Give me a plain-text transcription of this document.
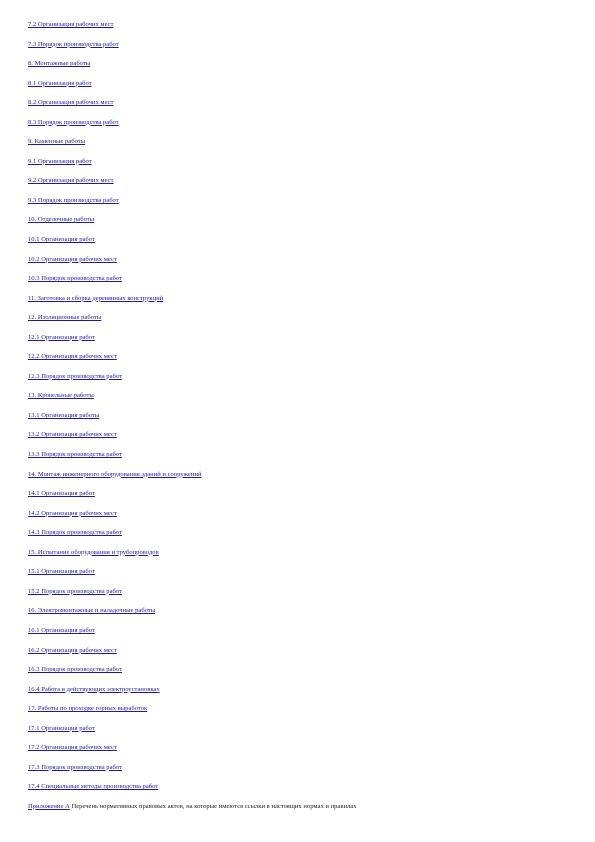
7.2 Организация рабочих мест
7.3 Порядок производства работ
8. Монтажные работы
8.1 Организация работ
8.2 Организация рабочих мест
8.3 Порядок производства работ
9. Каменные работы
9.1 Организация работ
9.2 Организация рабочих мест
9.3 Порядок производства работ
10. Отделочные работы
10.1 Организация работ
10.2 Организация рабочих мест
10.3 Порядок производства работ
11. Заготовка и сборка деревянных конструкций
12. Изоляционные работы
12.1 Организация работ
12.2 Организация рабочих мест
12.3 Порядок производства работ
13. Кровельные работы
13.1 Организация работы
13.2 Организация рабочих мест
13.3 Порядок производства работ
14. Монтаж инженерного оборудования зданий и сооружений
14.1 Организация работ
14.2 Организация рабочих мест
14.3 Порядок производства работ
15. Испытание оборудования и трубопроводов
15.1 Организация работ
15.2 Порядок производства работ
16. Электромонтажные и наладочные работы
16.1 Организация работ
16.2 Организация рабочих мест
16.3 Порядок производства работ
16.4 Работа в действующих электроустановках
17. Работы по проходке горных выработок
17.1 Организация работ
17.2 Организация рабочих мест
17.3 Порядок производства работ
17.4 Специальные методы производства работ
Приложение А Перечень нормативных правовых актов, на которые имеются ссылки в настоящих нормах и правилах
